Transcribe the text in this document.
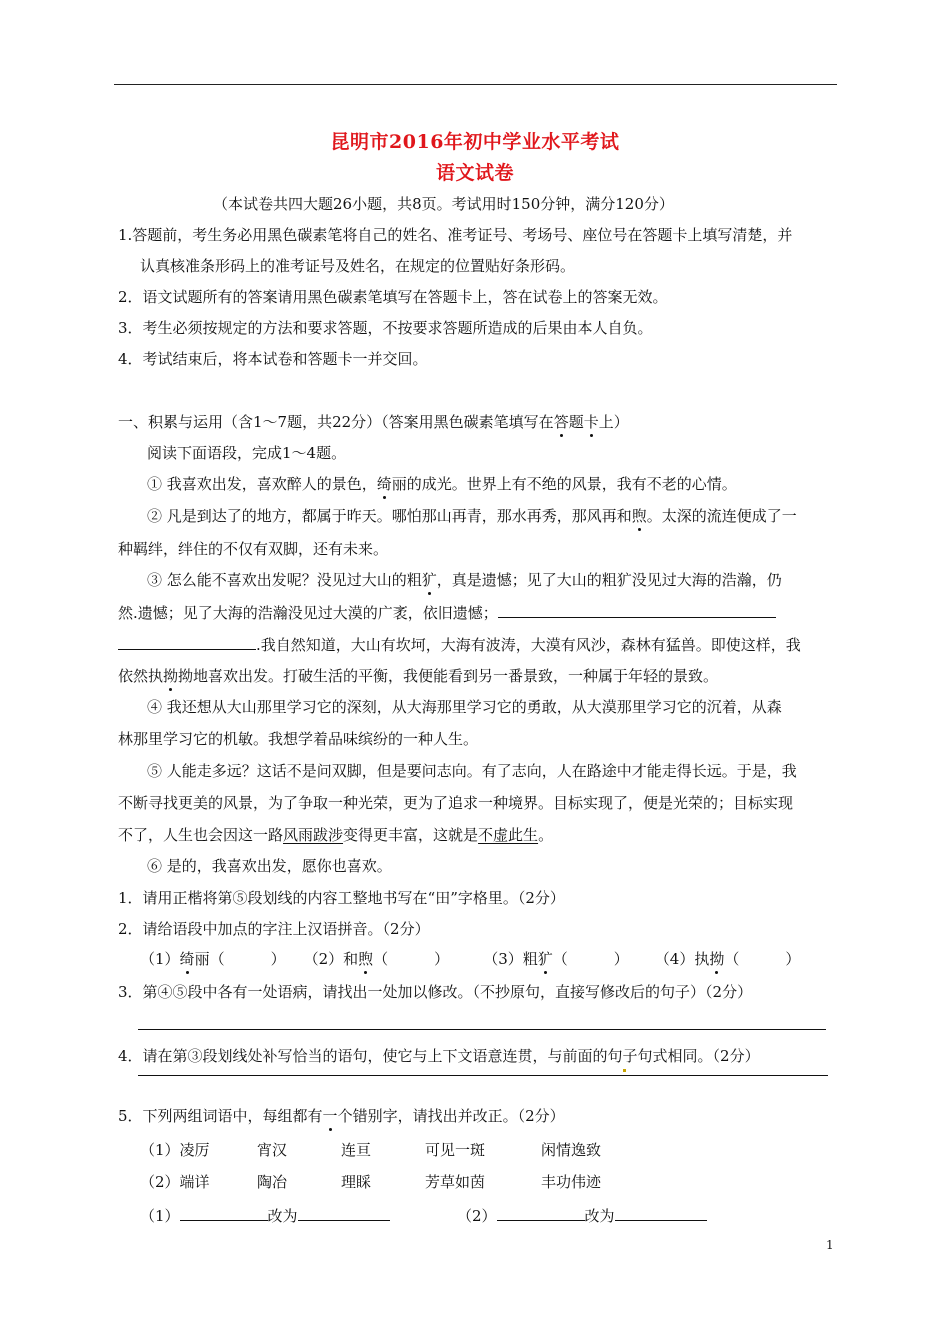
昆明市2016年初中学业水平考试
语文试卷
（本试卷共四大题26小题，共8页。考试用时150分钟，满分120分）
1.答题前，考生务必用黑色碳素笔将自己的姓名、准考证号、考场号、座位号在答题卡上填写清楚，并
认真核准条形码上的准考证号及姓名，在规定的位置贴好条形码。
2．语文试题所有的答案请用黑色碳素笔填写在答题卡上，答在试卷上的答案无效。
3．考生必须按规定的方法和要求答题，不按要求答题所造成的后果由本人自负。
4．考试结束后，将本试卷和答题卡一并交回。
一、积累与运用（含1～7题，共22分）（答案用黑色碳素笔填写在答题卡上）
阅读下面语段，完成1～4题。
① 我喜欢出发，喜欢醉人的景色，绮丽的成光。世界上有不绝的风景，我有不老的心情。
② 凡是到达了的地方，都属于昨天。哪怕那山再青，那水再秀，那风再和煦。太深的流连便成了一
种羁绊，绊住的不仅有双脚，还有未来。
③ 怎么能不喜欢出发呢？没见过大山的粗犷，真是遗憾；见了大山的粗犷没见过大海的浩瀚，仍
然.遗憾；见了大海的浩瀚没见过大漠的广袤，依旧遗憾；
.我自然知道，大山有坎坷，大海有波涛，大漠有风沙，森林有猛兽。即使这样，我
依然执拗拗地喜欢出发。打破生活的平衡，我便能看到另一番景致，一种属于年轻的景致。
④ 我还想从大山那里学习它的深刻，从大海那里学习它的勇敢，从大漠那里学习它的沉着，从森
林那里学习它的机敏。我想学着品味缤纷的一种人生。
⑤ 人能走多远？这话不是问双脚，但是要问志向。有了志向，人在路途中才能走得长远。于是，我
不断寻找更美的风景，为了争取一种光荣，更为了追求一种境界。目标实现了，便是光荣的；目标实现
不了，人生也会因这一路风雨跋涉变得更丰富，这就是不虚此生。
⑥ 是的，我喜欢出发，愿你也喜欢。
1．请用正楷将第⑤段划线的内容工整地书写在“田”字格里。（2分）
2．请给语段中加点的字注上汉语拼音。（2分）
（1）绮丽（	） （2）和煦（	） （3）粗犷（	） （4）执拗（	）
3．第④⑤段中各有一处语病，请找出一处加以修改。（不抄原句，直接写修改后的句子）（2分）
4．请在第③段划线处补写恰当的语句，使它与上下文语意连贯，与前面的句子句式相同。（2分）
5．下列两组词语中，每组都有一个错别字，请找出并改正。（2分）
（1）凌厉	宵汉	连亘	可见一斑	闲情逸致
（2）端详	陶冶	理睬	芳草如茵	丰功伟迹
（1）	改为	（2）	改为
1
